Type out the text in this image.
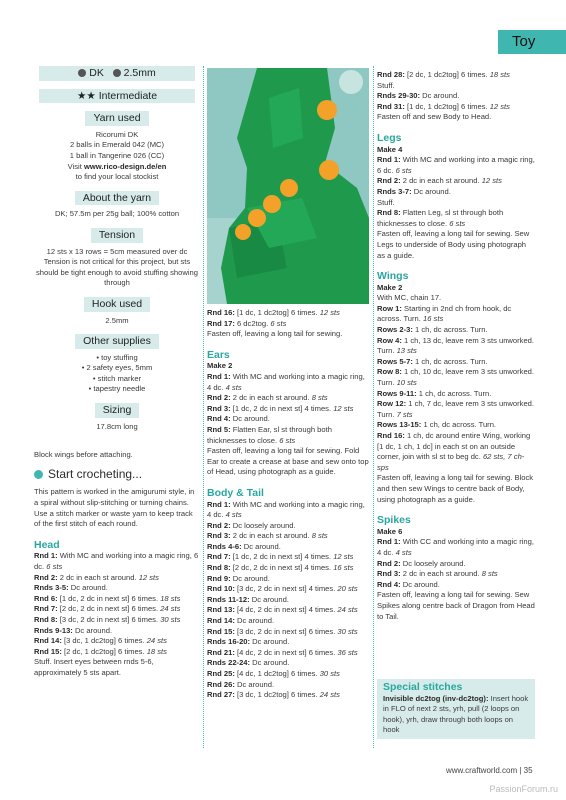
Toy
DK 2.5mm
★★ Intermediate
Yarn used

Ricorumi DK

2 balls in Emerald 042 (MC)

1 ball in Tangerine 026 (CC)

Visit www.rico-design.de/en

to find your local stockist

About the yarn

DK; 57.5m per 25g ball; 100% cotton

Tension

12 sts x 13 rows = 5cm measured over dc Tension is not critical for this project, but sts should be tight enough to avoid stuffing showing through

Hook used

2.5mm

Other supplies

• toy stuffing

• 2 safety eyes, 5mm

• stitch marker

• tapestry needle

Sizing

17.8cm long

Block wings before attaching.

Start crocheting...

This pattern is worked in the amigurumi style, in a spiral without slip-stitching or turning chains. Use a stitch marker or waste yarn to keep track of the first stitch of each round.

Head

Rnd 1: With MC and working into a magic ring, 6 dc. 6 sts

Rnd 2: 2 dc in each st around. 12 sts

Rnds 3-5: Dc around.

Rnd 6: [1 dc, 2 dc in next st] 6 times. 18 sts

Rnd 7: [2 dc, 2 dc in next st] 6 times. 24 sts

Rnd 8: [3 dc, 2 dc in next st] 6 times. 30 sts

Rnds 9-13: Dc around.

Rnd 14: [3 dc, 1 dc2tog] 6 times. 24 sts

Rnd 15: [2 dc, 1 dc2tog] 6 times. 18 sts

Stuff. Insert eyes between rnds 5-6, approximately 5 sts apart.

Rnd 16: [1 dc, 1 dc2tog] 6 times. 12 sts

Rnd 17: 6 dc2tog. 6 sts

Fasten off, leaving a long tail for sewing.

Ears

Make 2

Rnd 1: With MC and working into a magic ring, 4 dc. 4 sts

Rnd 2: 2 dc in each st around. 8 sts

Rnd 3: [1 dc, 2 dc in next st] 4 times. 12 sts

Rnd 4: Dc around.

Rnd 5: Flatten Ear, sl st through both thicknesses to close. 6 sts

Fasten off, leaving a long tail for sewing. Fold Ear to create a crease at base and sew onto top of Head, using photograph as a guide.

Body & Tail

Rnd 1: With MC and working into a magic ring, 4 dc. 4 sts

Rnd 2: Dc loosely around.

Rnd 3: 2 dc in each st around. 8 sts

Rnds 4-6: Dc around.

Rnd 7: [1 dc, 2 dc in next st] 4 times. 12 sts

Rnd 8: [2 dc, 2 dc in next st] 4 times. 16 sts

Rnd 9: Dc around.

Rnd 10: [3 dc, 2 dc in next st] 4 times. 20 sts

Rnds 11-12: Dc around.

Rnd 13: [4 dc, 2 dc in next st] 4 times. 24 sts

Rnd 14: Dc around.

Rnd 15: [3 dc, 2 dc in next st] 6 times. 30 sts

Rnds 16-20: Dc around.

Rnd 21: [4 dc, 2 dc in next st] 6 times. 36 sts

Rnds 22-24: Dc around.

Rnd 25: [4 dc, 1 dc2tog] 6 times. 30 sts

Rnd 26: Dc around.

Rnd 27: [3 dc, 1 dc2tog] 6 times. 24 sts

Rnd 28: [2 dc, 1 dc2tog] 6 times. 18 sts

Stuff.

Rnds 29-30: Dc around.

Rnd 31: [1 dc, 1 dc2tog] 6 times. 12 sts

Fasten off and sew Body to Head.

Legs

Make 4

Rnd 1: With MC and working into a magic ring, 6 dc. 6 sts

Rnd 2: 2 dc in each st around. 12 sts

Rnds 3-7: Dc around.

Stuff.

Rnd 8: Flatten Leg, sl st through both thicknesses to close. 6 sts

Fasten off, leaving a long tail for sewing. Sew Legs to underside of Body using photograph as a guide.

Wings

Make 2

With MC, chain 17.

Row 1: Starting in 2nd ch from hook, dc across. Turn. 16 sts

Rows 2-3: 1 ch, dc across. Turn.

Row 4: 1 ch, 13 dc, leave rem 3 sts unworked. Turn. 13 sts

Rows 5-7: 1 ch, dc across. Turn.

Row 8: 1 ch, 10 dc, leave rem 3 sts unworked. Turn. 10 sts

Rows 9-11: 1 ch, dc across. Turn.

Row 12: 1 ch, 7 dc, leave rem 3 sts unworked. Turn. 7 sts

Rows 13-15: 1 ch, dc across. Turn.

Rnd 16: 1 ch, dc around entire Wing, working [1 dc, 1 ch, 1 dc] in each st on an outside corner, join with sl st to beg dc. 62 sts, 7 ch-sps

Fasten off, leaving a long tail for sewing. Block and then sew Wings to centre back of Body, using photograph as a guide.

Spikes

Make 6

Rnd 1: With CC and working into a magic ring, 4 dc. 4 sts

Rnd 2: Dc loosely around.

Rnd 3: 2 dc in each st around. 8 sts

Rnd 4: Dc around.

Fasten off, leaving a long tail for sewing. Sew Spikes along centre back of Dragon from Head to Tail.

Special stitches

Invisible dc2tog (inv-dc2tog): Insert hook in FLO of next 2 sts, yrh, pull (2 loops on hook), yrh, draw through both loops on hook

www.craftworld.com | 35
PassionForum.ru
